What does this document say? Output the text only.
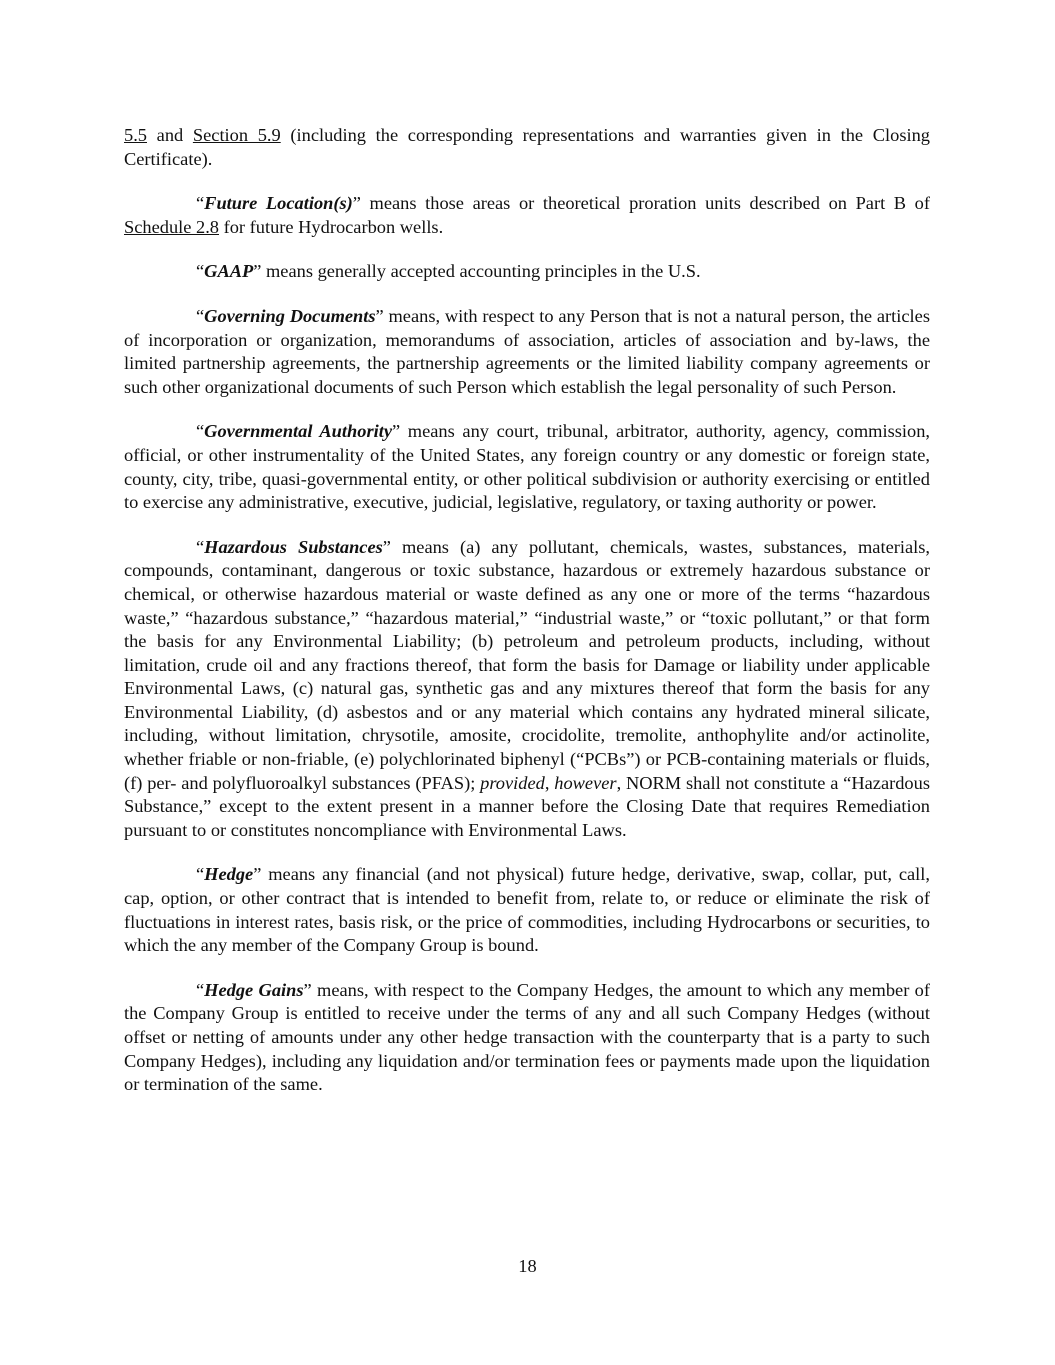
5.5 and Section 5.9 (including the corresponding representations and warranties given in the Closing Certificate).

“Future Location(s)” means those areas or theoretical proration units described on Part B of Schedule 2.8 for future Hydrocarbon wells.

“GAAP” means generally accepted accounting principles in the U.S.

“Governing Documents” means, with respect to any Person that is not a natural person, the articles of incorporation or organization, memorandums of association, articles of association and by-laws, the limited partnership agreements, the partnership agreements or the limited liability company agreements or such other organizational documents of such Person which establish the legal personality of such Person.

“Governmental Authority” means any court, tribunal, arbitrator, authority, agency, commission, official, or other instrumentality of the United States, any foreign country or any domestic or foreign state, county, city, tribe, quasi-governmental entity, or other political subdivision or authority exercising or entitled to exercise any administrative, executive, judicial, legislative, regulatory, or taxing authority or power.

“Hazardous Substances” means (a) any pollutant, chemicals, wastes, substances, materials, compounds, contaminant, dangerous or toxic substance, hazardous or extremely hazardous substance or chemical, or otherwise hazardous material or waste defined as any one or more of the terms “hazardous waste,” “hazardous substance,” “hazardous material,” “industrial waste,” or “toxic pollutant,” or that form the basis for any Environmental Liability; (b) petroleum and petroleum products, including, without limitation, crude oil and any fractions thereof, that form the basis for Damage or liability under applicable Environmental Laws, (c) natural gas, synthetic gas and any mixtures thereof that form the basis for any Environmental Liability, (d) asbestos and or any material which contains any hydrated mineral silicate, including, without limitation, chrysotile, amosite, crocidolite, tremolite, anthophylite and/or actinolite, whether friable or non-friable, (e) polychlorinated biphenyl (“PCBs”) or PCB-containing materials or fluids, (f) per- and polyfluoroalkyl substances (PFAS); provided, however, NORM shall not constitute a “Hazardous Substance,” except to the extent present in a manner before the Closing Date that requires Remediation pursuant to or constitutes noncompliance with Environmental Laws.

“Hedge” means any financial (and not physical) future hedge, derivative, swap, collar, put, call, cap, option, or other contract that is intended to benefit from, relate to, or reduce or eliminate the risk of fluctuations in interest rates, basis risk, or the price of commodities, including Hydrocarbons or securities, to which the any member of the Company Group is bound.

“Hedge Gains” means, with respect to the Company Hedges, the amount to which any member of the Company Group is entitled to receive under the terms of any and all such Company Hedges (without offset or netting of amounts under any other hedge transaction with the counterparty that is a party to such Company Hedges), including any liquidation and/or termination fees or payments made upon the liquidation or termination of the same.

18
